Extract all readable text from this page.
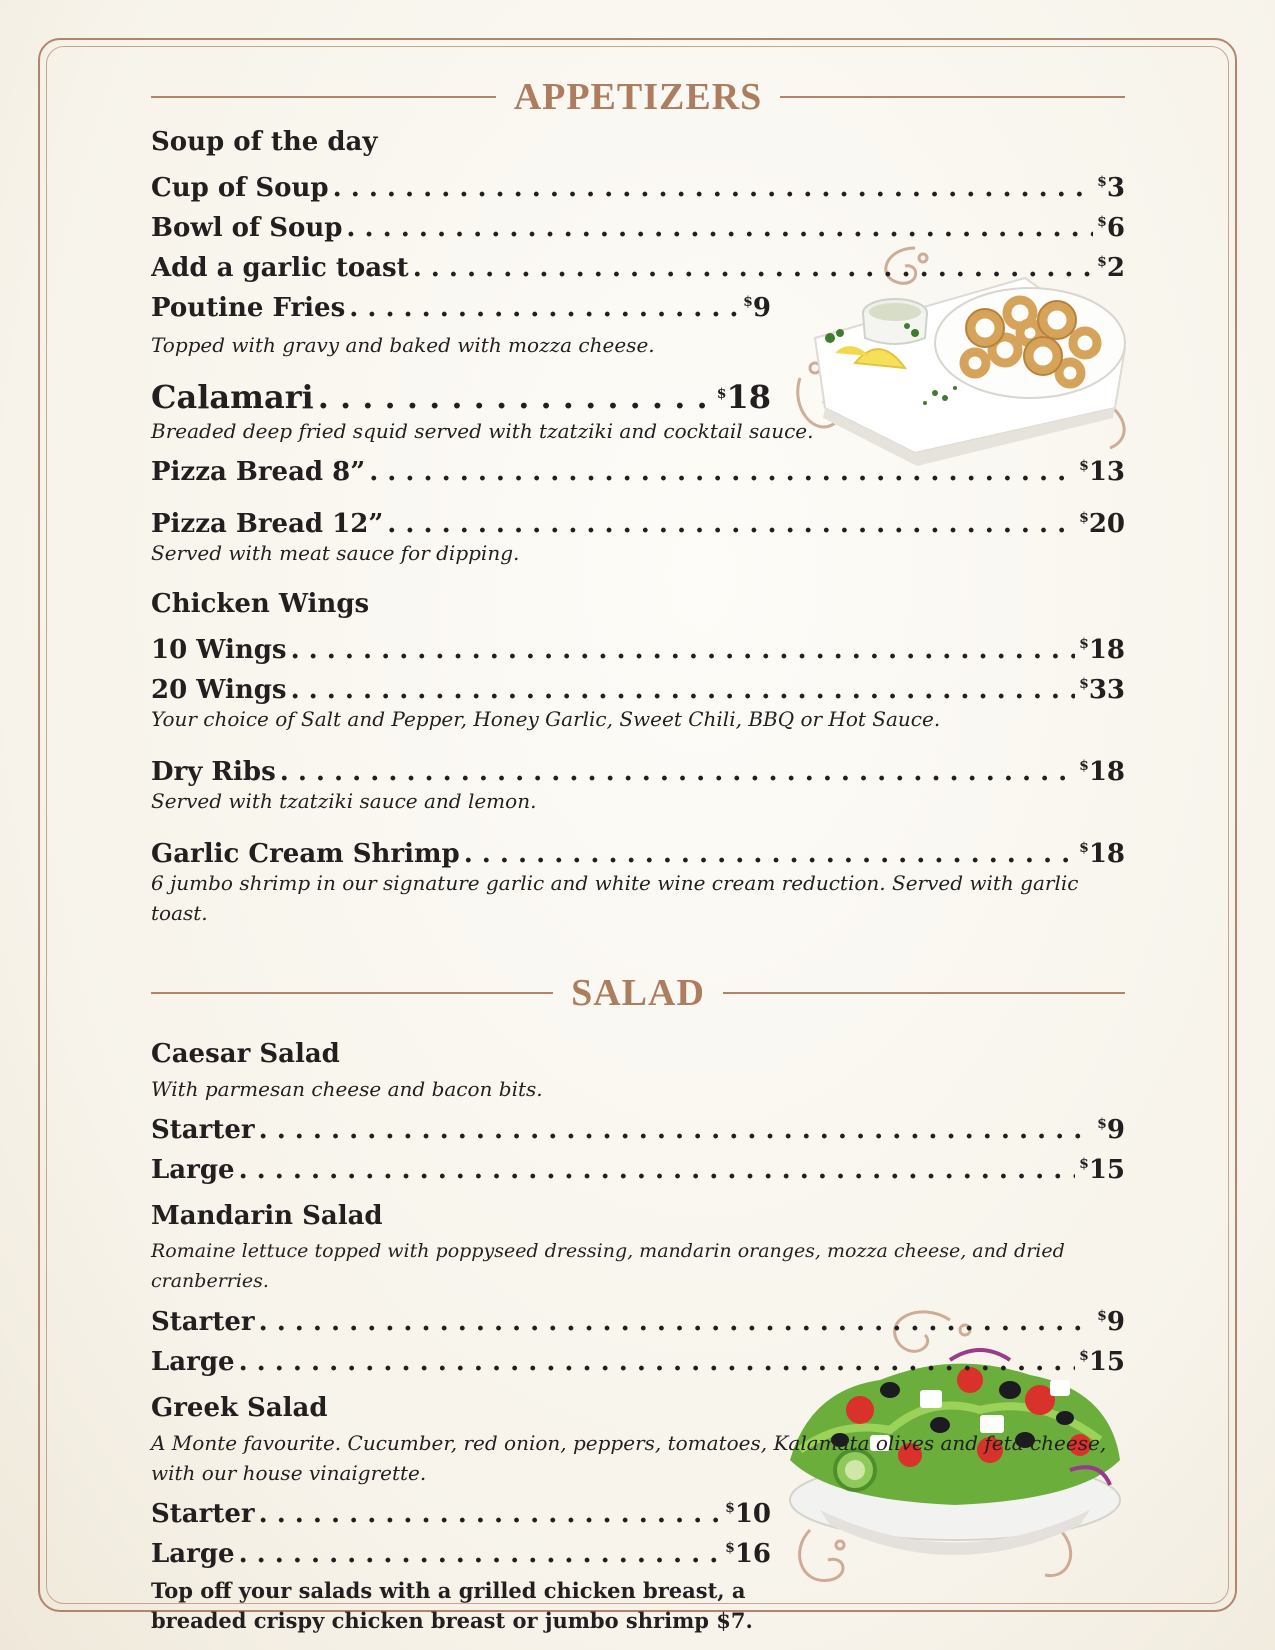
APPETIZERS
Soup of the day
Cup of Soup . . .	$3
Bowl of Soup . . .	$6
Add a garlic toast . . .	$2
Poutine Fries . . .	$9
Topped with gravy and baked with mozza cheese.
Calamari . . .	$18
Breaded deep fried squid served with tzatziki and cocktail sauce.
Pizza Bread 8” . . .	$13
Pizza Bread 12” . . .	$20
Served with meat sauce for dipping.
Chicken Wings
10 Wings . . .	$18
20 Wings . . .	$33
Your choice of Salt and Pepper, Honey Garlic, Sweet Chili, BBQ or Hot Sauce.
Dry Ribs . . .	$18
Served with tzatziki sauce and lemon.
Garlic Cream Shrimp . . .	$18
6 jumbo shrimp in our signature garlic and white wine cream reduction. Served with garlic toast.
SALAD
Caesar Salad
With parmesan cheese and bacon bits.
Starter . . .	$9
Large . . .	$15
Mandarin Salad
Romaine lettuce topped with poppyseed dressing, mandarin oranges, mozza cheese, and dried cranberries.
Starter . . .	$9
Large . . .	$15
Greek Salad
A Monte favourite. Cucumber, red onion, peppers, tomatoes, Kalamata olives and feta cheese,
with our house vinaigrette.
Starter . . .	$10
Large . . .	$16
Top off your salads with a grilled chicken breast, a breaded crispy chicken breast or jumbo shrimp $7.
